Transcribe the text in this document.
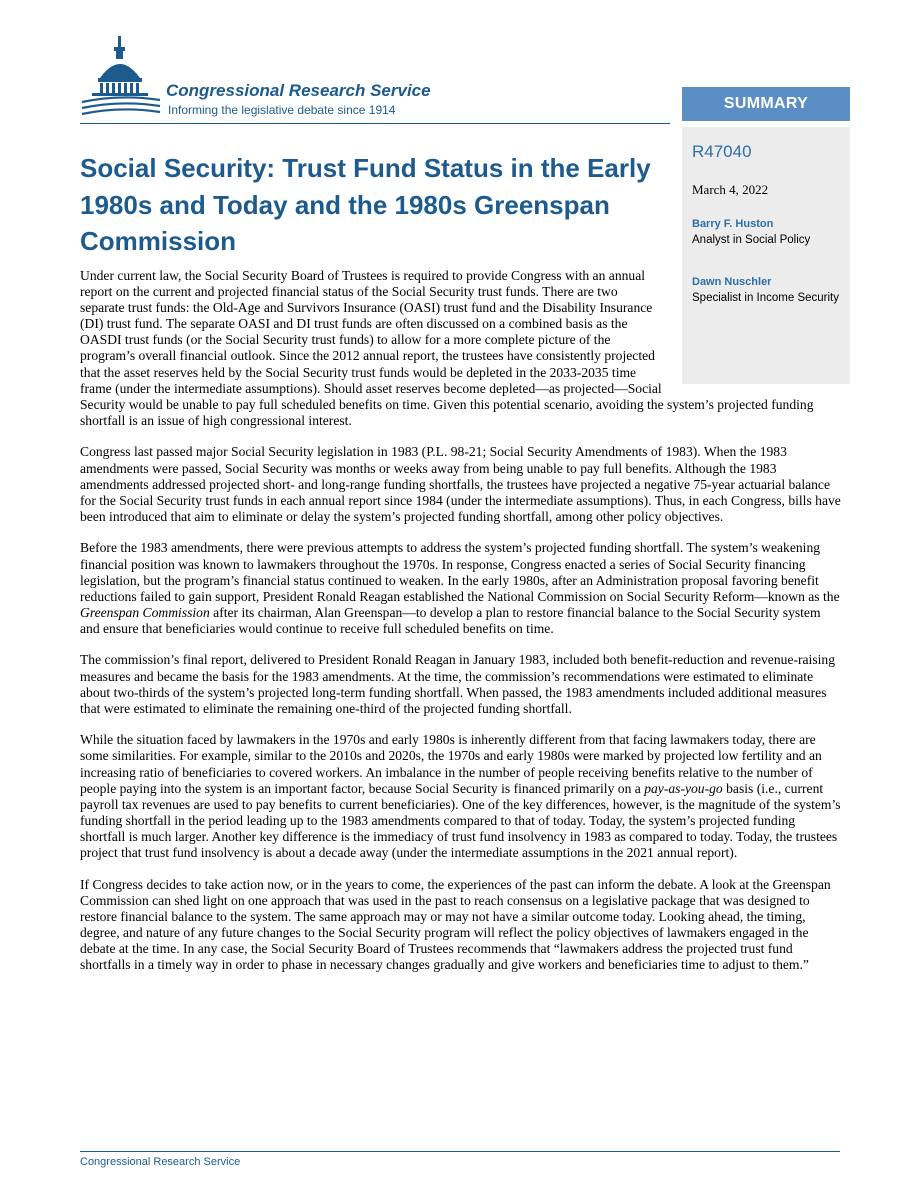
Congressional Research Service
Informing the legislative debate since 1914	SUMMARY
R47040
March 4, 2022
Barry F. Huston
Analyst in Social Policy
Dawn Nuschler
Specialist in Income Security
Social Security: Trust Fund Status in the Early 1980s and Today and the 1980s Greenspan Commission

Under current law, the Social Security Board of Trustees is required to provide Congress with an annual report on the current and projected financial status of the Social Security trust funds. There are two separate trust funds: the Old-Age and Survivors Insurance (OASI) trust fund and the Disability Insurance (DI) trust fund. The separate OASI and DI trust funds are often discussed on a combined basis as the OASDI trust funds (or the Social Security trust funds) to allow for a more complete picture of the program’s overall financial outlook. Since the 2012 annual report, the trustees have consistently projected that the asset reserves held by the Social Security trust funds would be depleted in the 2033-2035 time frame (under the intermediate assumptions). Should asset reserves become depleted—as projected—Social Security would be unable to pay full scheduled benefits on time. Given this potential scenario, avoiding the system’s projected funding shortfall is an issue of high congressional interest.

Congress last passed major Social Security legislation in 1983 (P.L. 98-21; Social Security Amendments of 1983). When the 1983 amendments were passed, Social Security was months or weeks away from being unable to pay full benefits. Although the 1983 amendments addressed projected short- and long-range funding shortfalls, the trustees have projected a negative 75-year actuarial balance for the Social Security trust funds in each annual report since 1984 (under the intermediate assumptions). Thus, in each Congress, bills have been introduced that aim to eliminate or delay the system’s projected funding shortfall, among other policy objectives.

Before the 1983 amendments, there were previous attempts to address the system’s projected funding shortfall. The system’s weakening financial position was known to lawmakers throughout the 1970s. In response, Congress enacted a series of Social Security financing legislation, but the program’s financial status continued to weaken. In the early 1980s, after an Administration proposal favoring benefit reductions failed to gain support, President Ronald Reagan established the National Commission on Social Security Reform—known as the Greenspan Commission after its chairman, Alan Greenspan—to develop a plan to restore financial balance to the Social Security system and ensure that beneficiaries would continue to receive full scheduled benefits on time.

The commission’s final report, delivered to President Ronald Reagan in January 1983, included both benefit-reduction and revenue-raising measures and became the basis for the 1983 amendments. At the time, the commission’s recommendations were estimated to eliminate about two-thirds of the system’s projected long-term funding shortfall. When passed, the 1983 amendments included additional measures that were estimated to eliminate the remaining one-third of the projected funding shortfall.

While the situation faced by lawmakers in the 1970s and early 1980s is inherently different from that facing lawmakers today, there are some similarities. For example, similar to the 2010s and 2020s, the 1970s and early 1980s were marked by projected low fertility and an increasing ratio of beneficiaries to covered workers. An imbalance in the number of people receiving benefits relative to the number of people paying into the system is an important factor, because Social Security is financed primarily on a pay-as-you-go basis (i.e., current payroll tax revenues are used to pay benefits to current beneficiaries). One of the key differences, however, is the magnitude of the system’s funding shortfall in the period leading up to the 1983 amendments compared to that of today. Today, the system’s projected funding shortfall is much larger. Another key difference is the immediacy of trust fund insolvency in 1983 as compared to today. Today, the trustees project that trust fund insolvency is about a decade away (under the intermediate assumptions in the 2021 annual report).

If Congress decides to take action now, or in the years to come, the experiences of the past can inform the debate. A look at the Greenspan Commission can shed light on one approach that was used in the past to reach consensus on a legislative package that was designed to restore financial balance to the system. The same approach may or may not have a similar outcome today. Looking ahead, the timing, degree, and nature of any future changes to the Social Security program will reflect the policy objectives of lawmakers engaged in the debate at the time. In any case, the Social Security Board of Trustees recommends that “lawmakers address the projected trust fund shortfalls in a timely way in order to phase in necessary changes gradually and give workers and beneficiaries time to adjust to them.”

Congressional Research Service
